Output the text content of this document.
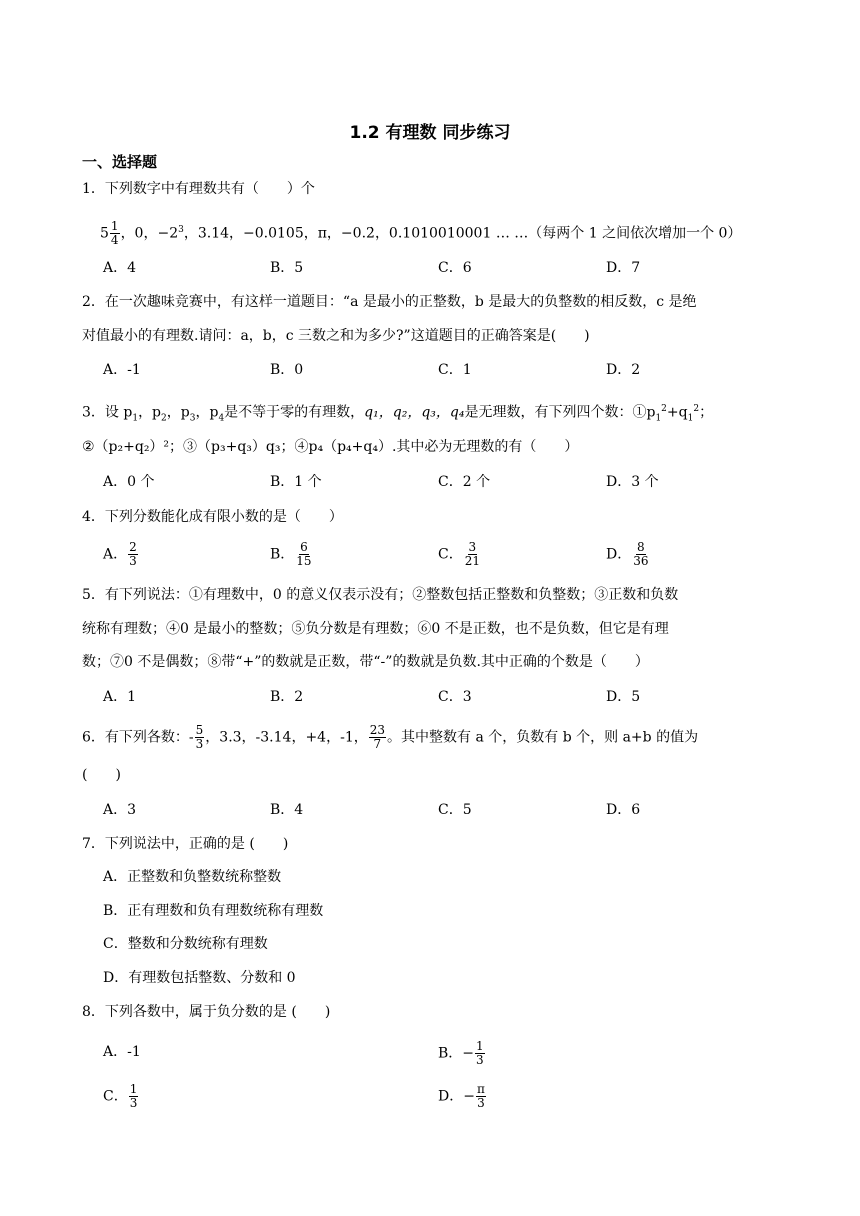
1.2 有理数 同步练习
一、选择题
1．下列数字中有理数共有（　　）个
$5 \frac{1}{4}$ ，0，$-2^3$，3.14，−0.0105，π，−0.2，0.1010010001 … …（每两个 1 之间依次增加一个 0）
A．4	B．5	C．6	D．7
2．在一次趣味竞赛中，有这样一道题目：“a 是最小的正整数，b 是最大的负整数的相反数，c 是绝
对值最小的有理数.请问：a，b，c 三数之和为多少?”这道题目的正确答案是(　　)
A．-1	B．0	C．1	D．2
3．设 $p_1$，$p_2$，$p_3$，$p_4$是不等于零的有理数，q₁，q₂，q₃，q₄是无理数，有下列四个数：$①p_1^2+q_1^2$；
②（p₂+q₂）²；③（p₃+q₃）q₃；④p₄（p₄+q₄）.其中必为无理数的有（　　）
A．0 个	B．1 个	C．2 个	D．3 个
4．下列分数能化成有限小数的是（　　）
A． $\frac{2}{3}$	B． $\frac{6}{15}$	C． $\frac{3}{21}$	D． $\frac{8}{36}$
5．有下列说法：①有理数中，0 的意义仅表示没有；②整数包括正整数和负整数；③正数和负数
统称有理数；④0 是最小的整数；⑤负分数是有理数；⑥0 不是正数，也不是负数，但它是有理
数；⑦0 不是偶数；⑧带“+”的数就是正数，带“-”的数就是负数.其中正确的个数是（　　）
A．1	B．2	C．3	D．5
6．有下列各数：- $\frac{5}{3}$ ，3.3，-3.14，+4，-1， $\frac{23}{7}$ 。其中整数有 a 个，负数有 b 个，则 a+b 的值为
(　　)
A．3	B．4	C．5	D．6
7．下列说法中，正确的是 (　　)
A．正整数和负整数统称整数
B．正有理数和负有理数统称有理数
C．整数和分数统称有理数
D．有理数包括整数、分数和 0
8．下列各数中，属于负分数的是 (　　)
A．-1	B．− $\frac{1}{3}$
C． $\frac{1}{3}$	D．− $\frac{\pi}{3}$
